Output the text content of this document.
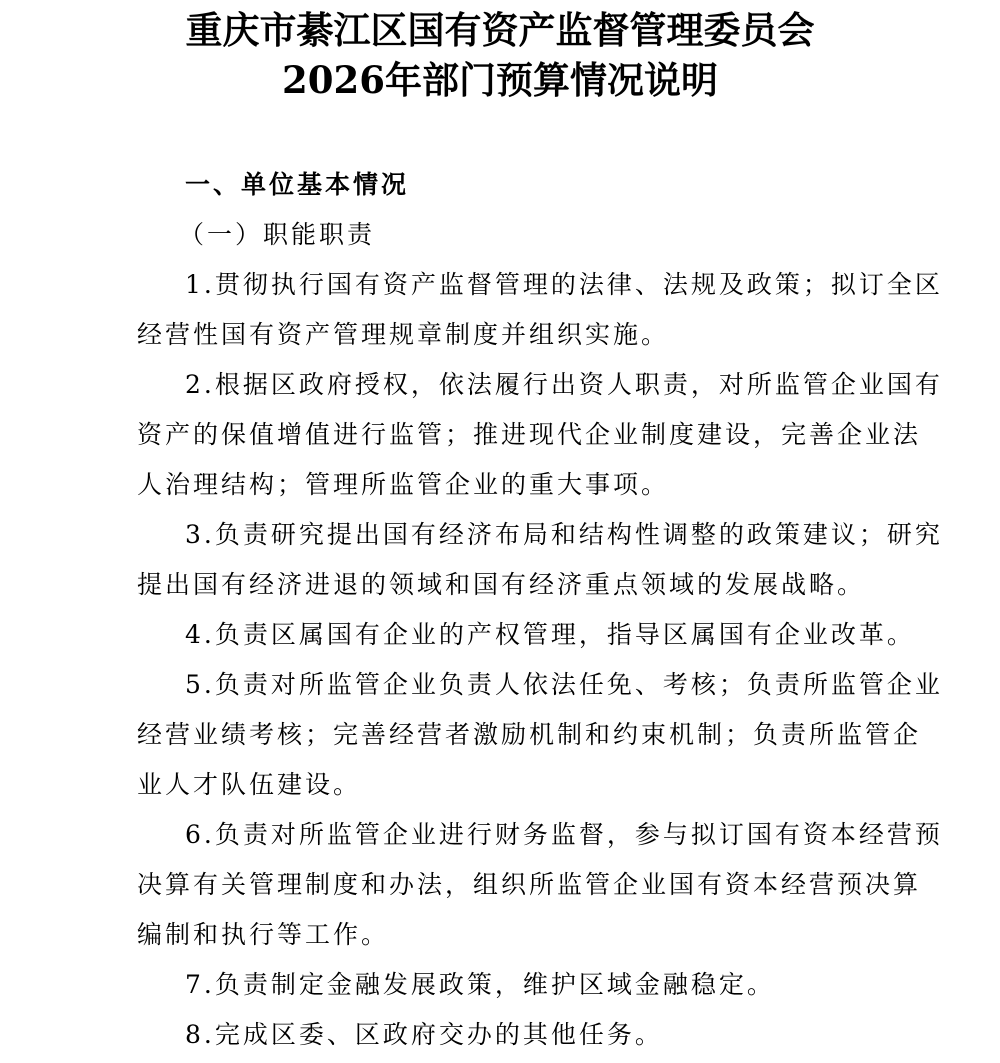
重庆市綦江区国有资产监督管理委员会
2026年部门预算情况说明
一、单位基本情况
（一）职能职责
1.贯彻执行国有资产监督管理的法律、法规及政策；拟订全区
经营性国有资产管理规章制度并组织实施。
2.根据区政府授权，依法履行出资人职责，对所监管企业国有
资产的保值增值进行监管；推进现代企业制度建设，完善企业法
人治理结构；管理所监管企业的重大事项。
3.负责研究提出国有经济布局和结构性调整的政策建议；研究
提出国有经济进退的领域和国有经济重点领域的发展战略。
4.负责区属国有企业的产权管理，指导区属国有企业改革。
5.负责对所监管企业负责人依法任免、考核；负责所监管企业
经营业绩考核；完善经营者激励机制和约束机制；负责所监管企
业人才队伍建设。
6.负责对所监管企业进行财务监督，参与拟订国有资本经营预
决算有关管理制度和办法，组织所监管企业国有资本经营预决算
编制和执行等工作。
7.负责制定金融发展政策，维护区域金融稳定。
8.完成区委、区政府交办的其他任务。
